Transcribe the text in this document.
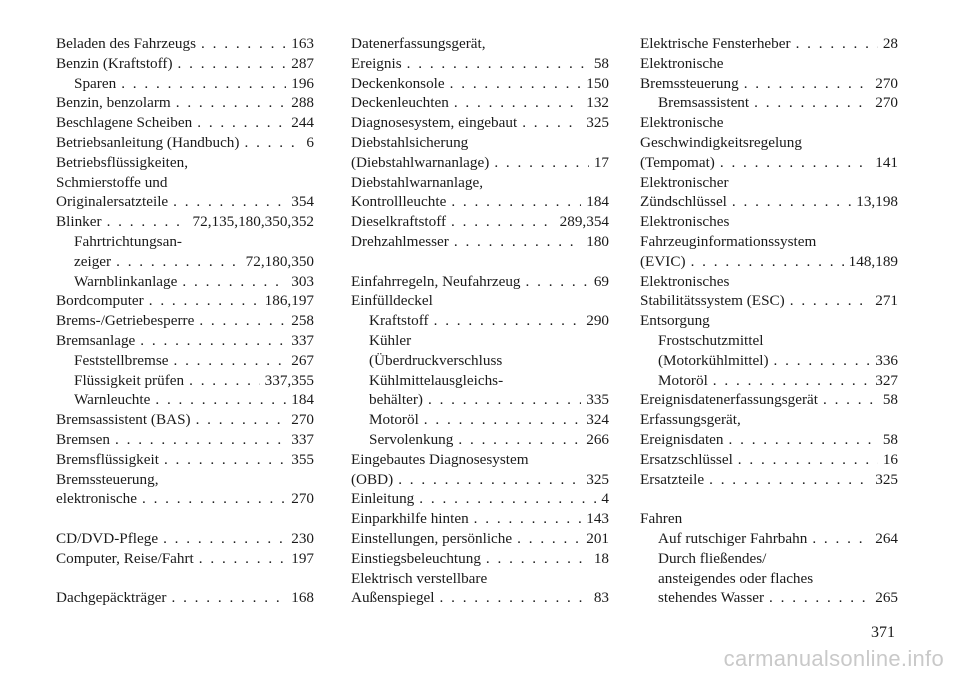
Beladen des Fahrzeugs . . .	163
Benzin (Kraftstoff) . . .	287
Sparen . . .	196
Benzin, benzolarm . . .	288
Beschlagene Scheiben . . .	244
Betriebsanleitung (Handbuch) . . .	6
Betriebsflüssigkeiten,
Schmierstoffe und
Originalersatzteile . . .	354
Blinker . . .	72,135,180,350,352
Fahrtrichtungsan-
zeiger . . .	72,180,350
Warnblinkanlage . . .	303
Bordcomputer . . .	186,197
Brems-/Getriebesperre . . .	258
Bremsanlage . . .	337
Feststellbremse . . .	267
Flüssigkeit prüfen . . .	337,355
Warnleuchte . . .	184
Bremsassistent (BAS) . . .	270
Bremsen . . .	337
Bremsflüssigkeit . . .	355
Bremssteuerung,
elektronische . . .	270
CD/DVD-Pflege . . .	230
Computer, Reise/Fahrt . . .	197
Dachgepäckträger . . .	168
Datenerfassungsgerät,
Ereignis . . .	58
Deckenkonsole . . .	150
Deckenleuchten . . .	132
Diagnosesystem, eingebaut . . .	325
Diebstahlsicherung
(Diebstahlwarnanlage) . . .	17
Diebstahlwarnanlage,
Kontrollleuchte . . .	184
Dieselkraftstoff . . .	289,354
Drehzahlmesser . . .	180
Einfahrregeln, Neufahrzeug . . .	69
Einfülldeckel
Kraftstoff . . .	290
Kühler
(Überdruckverschluss
Kühlmittelausgleichs-
behälter) . . .	335
Motoröl . . .	324
Servolenkung . . .	266
Eingebautes Diagnosesystem
(OBD) . . .	325
Einleitung . . .	4
Einparkhilfe hinten . . .	143
Einstellungen, persönliche . . .	201
Einstiegsbeleuchtung . . .	18
Elektrisch verstellbare
Außenspiegel . . .	83
Elektrische Fensterheber . . .	28
Elektronische
Bremssteuerung . . .	270
Bremsassistent . . .	270
Elektronische
Geschwindigkeitsregelung
(Tempomat) . . .	141
Elektronischer
Zündschlüssel . . .	13,198
Elektronisches
Fahrzeuginformationssystem
(EVIC) . . .	148,189
Elektronisches
Stabilitätssystem (ESC) . . .	271
Entsorgung
Frostschutzmittel
(Motorkühlmittel) . . .	336
Motoröl . . .	327
Ereignisdatenerfassungsgerät . . .	58
Erfassungsgerät,
Ereignisdaten . . .	58
Ersatzschlüssel . . .	16
Ersatzteile . . .	325
Fahren
Auf rutschiger Fahrbahn . . .	264
Durch fließendes/
ansteigendes oder flaches
stehendes Wasser . . .	265
371
carmanualsonline.info
